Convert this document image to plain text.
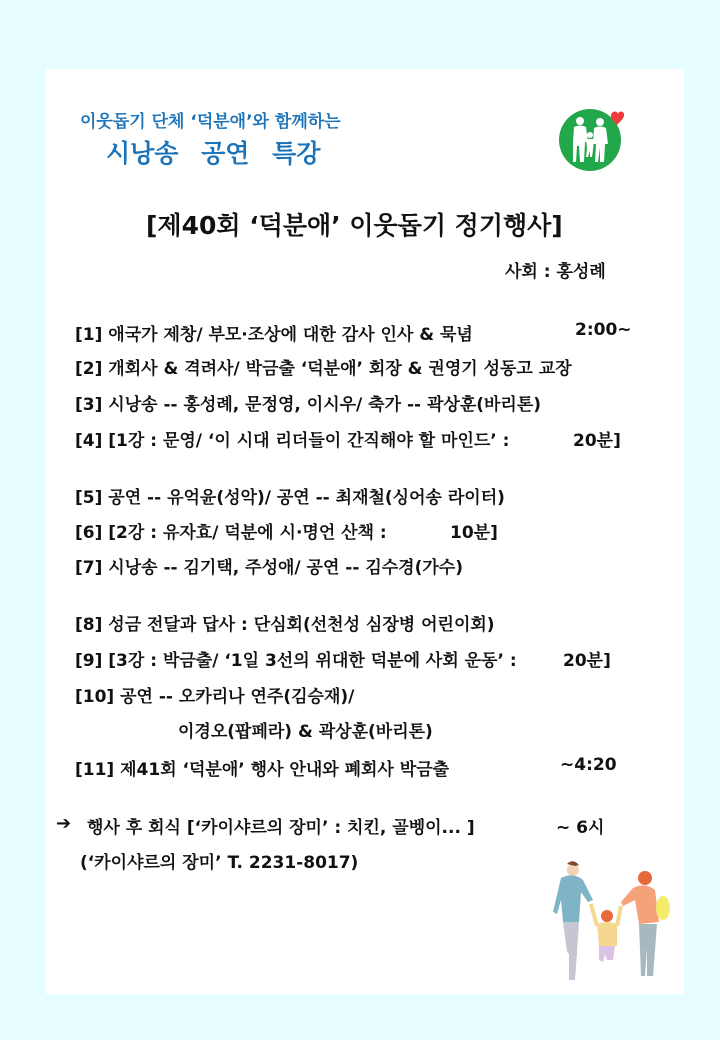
이웃돕기 단체 ‘덕분애’와 함께하는
시낭송 공연 특강
[제40회 ‘덕분애’ 이웃돕기 정기행사]
사회 : 홍성례
[1] 애국가 제창/ 부모·조상에 대한 감사 인사 & 묵념	2:00~
[2] 개회사 & 격려사/ 박금출 ‘덕분애’ 회장 & 권영기 성동고 교장
[3] 시낭송 -- 홍성례, 문정영, 이시우/ 축가 -- 곽상훈(바리톤)
[4] [1강 : 문영/ ‘이 시대 리더들이 간직해야 할 마인드’ :	20분]
[5] 공연 -- 유억윤(성악)/ 공연 -- 최재철(싱어송 라이터)
[6] [2강 : 유자효/ 덕분에 시·명언 산책 :	10분]
[7] 시낭송 -- 김기택, 주성애/ 공연 -- 김수경(가수)
[8] 성금 전달과 답사 : 단심회(선천성 심장병 어린이회)
[9] [3강 : 박금출/ ‘1일 3선의 위대한 덕분에 사회 운동’ :	20분]
[10] 공연 -- 오카리나 연주(김승재)/
이경오(팝페라) & 곽상훈(바리톤)
[11] 제41회 ‘덕분애’ 행사 안내와 폐회사 박금출	~4:20
➔ 행사 후 회식 [‘카이샤르의 장미’ : 치킨, 골벵이... ]	~ 6시
(‘카이샤르의 장미’ T. 2231-8017)
